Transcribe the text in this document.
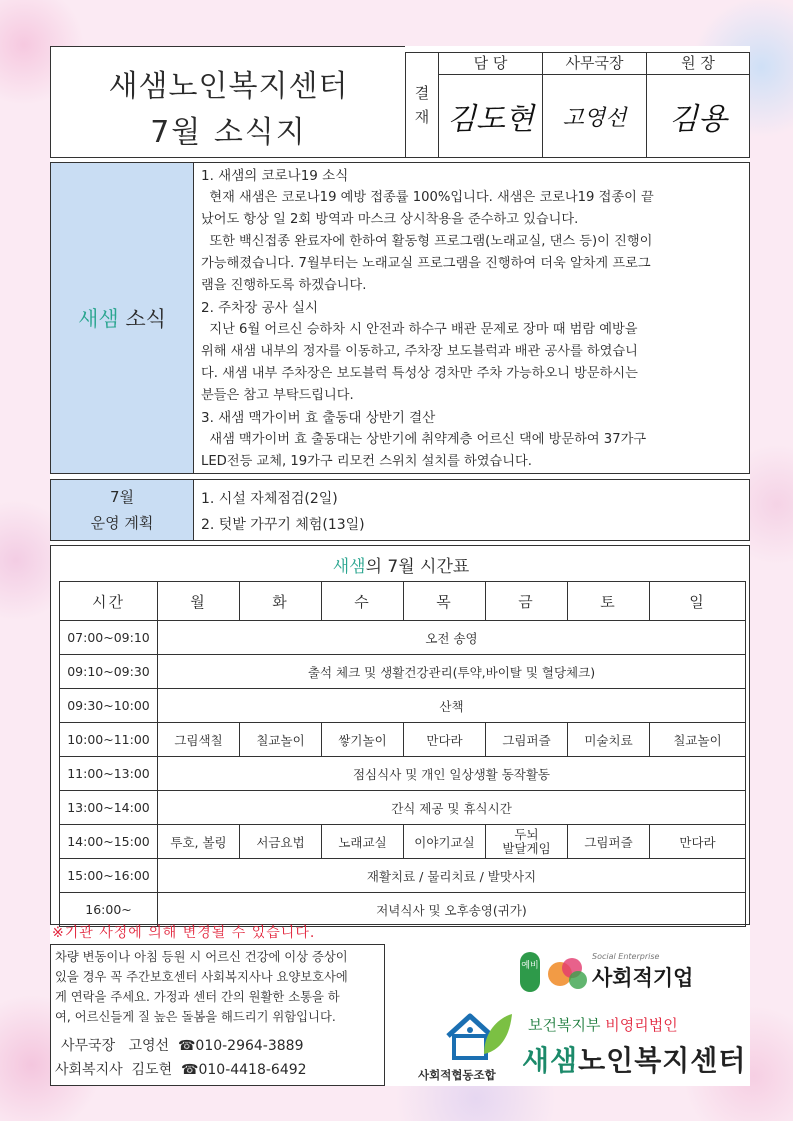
새샘노인복지센터
7월 소식지
결
재
담 당
김도현
사무국장
고영선
원 장
김용
새샘 소식

1. 새샘의 코로나19 소식

현재 새샘은 코로나19 예방 접종률 100%입니다. 새샘은 코로나19 접종이 끝

났어도 항상 일 2회 방역과 마스크 상시착용을 준수하고 있습니다.

또한 백신접종 완료자에 한하여 활동형 프로그램(노래교실, 댄스 등)이 진행이

가능해졌습니다. 7월부터는 노래교실 프로그램을 진행하여 더욱 알차게 프로그

램을 진행하도록 하겠습니다.

2. 주차장 공사 실시

지난 6월 어르신 승하차 시 안전과 하수구 배관 문제로 장마 때 범람 예방을

위해 새샘 내부의 정자를 이동하고, 주차장 보도블럭과 배관 공사를 하였습니

다. 새샘 내부 주차장은 보도블럭 특성상 경차만 주차 가능하오니 방문하시는

분들은 참고 부탁드립니다.

3. 새샘 맥가이버 효 출동대 상반기 결산

새샘 맥가이버 효 출동대는 상반기에 취약계층 어르신 댁에 방문하여 37가구

LED전등 교체, 19가구 리모컨 스위치 설치를 하였습니다.

7월
운영 계획
1. 시설 자체점검(2일)
2. 텃밭 가꾸기 체험(13일)
새샘의 7월 시간표
시간	월	화	수	목	금	토	일
07:00~09:10	오전 송영						
09:10~09:30	출석 체크 및 생활건강관리(투약,바이탈 및 혈당체크)						
09:30~10:00	산책						
10:00~11:00	그림색칠	칠교놀이	쌓기놀이	만다라	그림퍼즐	미술치료	칠교놀이
11:00~13:00	점심식사 및 개인 일상생활 동작활동						
13:00~14:00	간식 제공 및 휴식시간						
14:00~15:00	투호, 볼링	서금요법	노래교실	이야기교실	두뇌
발달게임	그림퍼즐	만다라
15:00~16:00	재활치료 / 물리치료 / 발맛사지						
16:00~	저녁식사 및 오후송영(귀가)						
※기관 사정에 의해 변경될 수 있습니다.

차량 변동이나 아침 등원 시 어르신 건강에 이상 증상이

있을 경우 꼭 주간보호센터 사회복지사나 요양보호사에

게 연락을 주세요. 가정과 센터 간의 원활한 소통을 하

여, 어르신들게 질 높은 돌봄을 해드리기 위함입니다.

사무국장 고영선 ☎010-2964-3889
사회복지사 김도현 ☎010-4418-6492
예비
Social Enterprise
사회적기업
사회적협동조합
보건복지부 비영리법인
새샘노인복지센터
